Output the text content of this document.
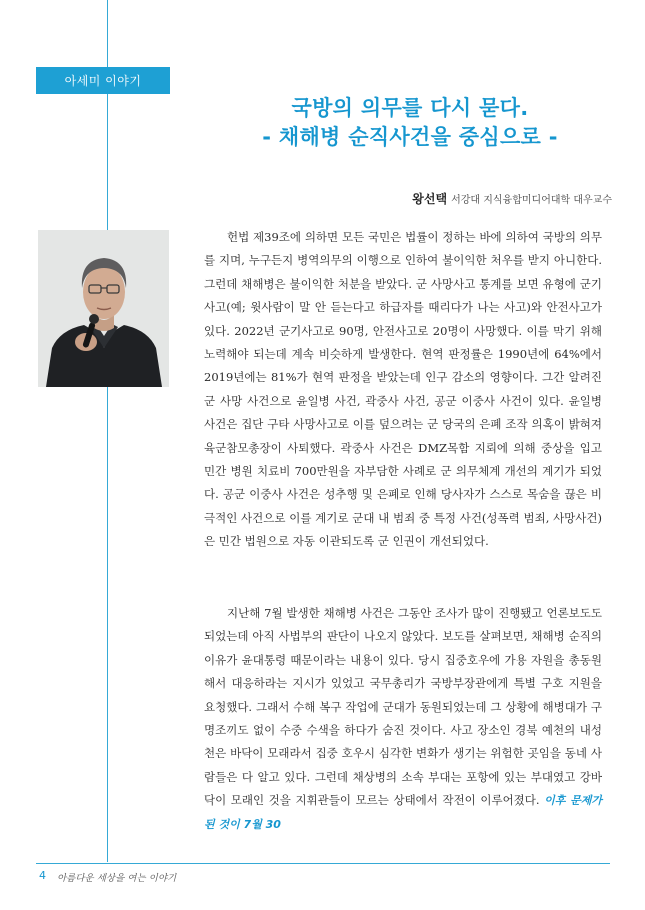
아세미 이야기
국방의 의무를 다시 묻다.
- 채해병 순직사건을 중심으로 -
왕선택 서강대 지식융합미디어대학 대우교수

헌법 제39조에 의하면 모든 국민은 법률이 정하는 바에 의하여 국방의 의무를 지며, 누구든지 병역의무의 이행으로 인하여 불이익한 처우를 받지 아니한다. 그런데 채해병은 불이익한 처분을 받았다. 군 사망사고 통계를 보면 유형에 군기사고(예; 윗사람이 말 안 듣는다고 하급자를 때리다가 나는 사고)와 안전사고가 있다. 2022년 군기사고로 90명, 안전사고로 20명이 사망했다. 이를 막기 위해 노력해야 되는데 계속 비슷하게 발생한다. 현역 판정률은 1990년에 64%에서 2019년에는 81%가 현역 판정을 받았는데 인구 감소의 영향이다. 그간 알려진 군 사망 사건으로 윤일병 사건, 곽중사 사건, 공군 이중사 사건이 있다. 윤일병 사건은 집단 구타 사망사고로 이를 덮으려는 군 당국의 은폐 조작 의혹이 밝혀져 육군참모총장이 사퇴했다. 곽중사 사건은 DMZ목함 지뢰에 의해 중상을 입고 민간 병원 치료비 700만원을 자부담한 사례로 군 의무체계 개선의 계기가 되었다. 공군 이중사 사건은 성추행 및 은폐로 인해 당사자가 스스로 목숨을 끊은 비극적인 사건으로 이를 계기로 군대 내 범죄 중 특정 사건(성폭력 범죄, 사망사건)은 민간 법원으로 자동 이관되도록 군 인권이 개선되었다.

지난해 7월 발생한 채해병 사건은 그동안 조사가 많이 진행됐고 언론보도도 되었는데 아직 사법부의 판단이 나오지 않았다. 보도를 살펴보면, 채해병 순직의 이유가 윤대통령 때문이라는 내용이 있다. 당시 집중호우에 가용 자원을 총동원해서 대응하라는 지시가 있었고 국무총리가 국방부장관에게 특별 구호 지원을 요청했다. 그래서 수해 복구 작업에 군대가 동원되었는데 그 상황에 해병대가 구명조끼도 없이 수중 수색을 하다가 숨진 것이다. 사고 장소인 경북 예천의 내성천은 바닥이 모래라서 집중 호우시 심각한 변화가 생기는 위험한 곳임을 동네 사람들은 다 알고 있다. 그런데 채상병의 소속 부대는 포항에 있는 부대였고 강바닥이 모래인 것을 지휘관들이 모르는 상태에서 작전이 이루어졌다. 이후 문제가 된 것이 7월 30

4 아름다운 세상을 여는 이야기
